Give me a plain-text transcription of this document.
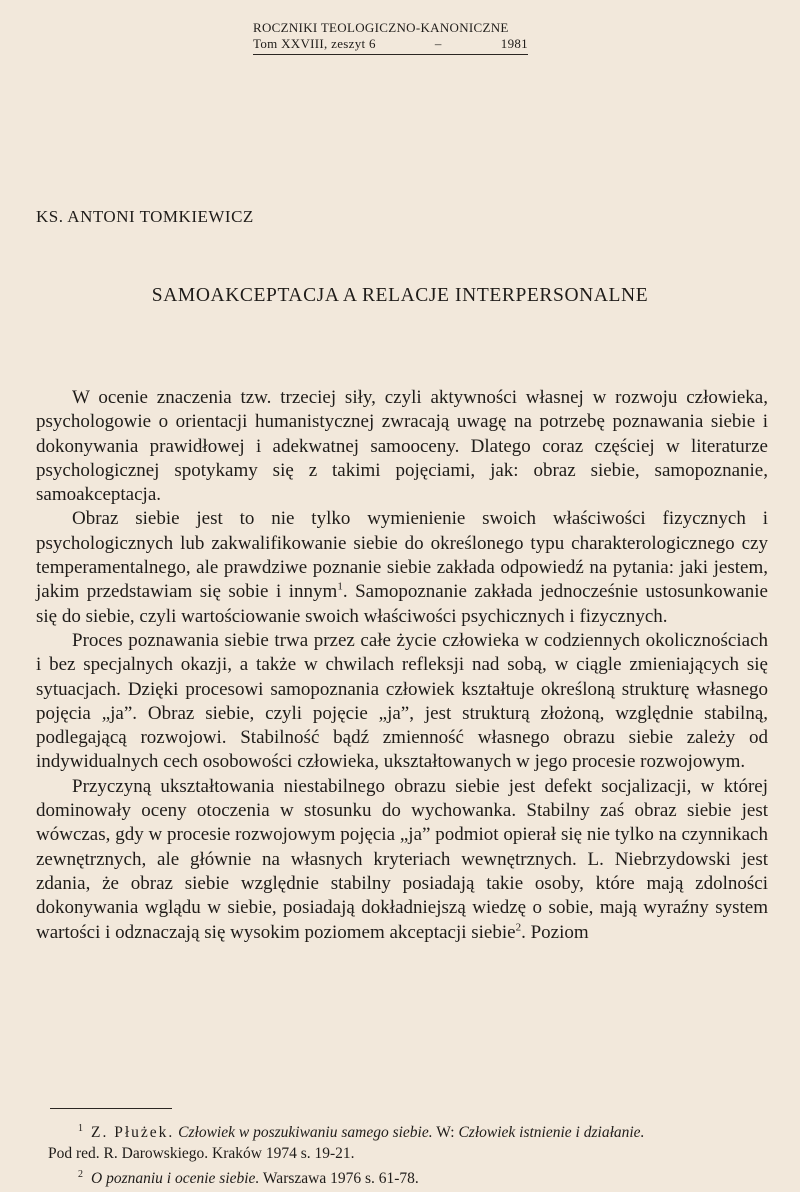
ROCZNIKI TEOLOGICZNO-KANONICZNE
Tom XXVIII, zeszyt 6	–	1981
KS. ANTONI TOMKIEWICZ
SAMOAKCEPTACJA A RELACJE INTERPERSONALNE

W ocenie znaczenia tzw. trzeciej siły, czyli aktywności własnej w rozwoju człowieka, psychologowie o orientacji humanistycznej zwracają uwagę na potrzebę poznawania siebie i dokonywania prawidłowej i adekwatnej samooceny. Dlatego coraz częściej w literaturze psychologicznej spotykamy się z takimi pojęciami, jak: obraz siebie, samopoznanie, samoakceptacja.

Obraz siebie jest to nie tylko wymienienie swoich właściwości fizycznych i psychologicznych lub zakwalifikowanie siebie do określonego typu charakterologicznego czy temperamentalnego, ale prawdziwe poznanie siebie zakłada odpowiedź na pytania: jaki jestem, jakim przedstawiam się sobie i innym$^1$. Samopoznanie zakłada jednocześnie ustosunkowanie się do siebie, czyli wartościowanie swoich właściwości psychicznych i fizycznych.

Proces poznawania siebie trwa przez całe życie człowieka w codziennych okolicznościach i bez specjalnych okazji, a także w chwilach refleksji nad sobą, w ciągle zmieniających się sytuacjach. Dzięki procesowi samopoznania człowiek kształtuje określoną strukturę własnego pojęcia „ja”. Obraz siebie, czyli pojęcie „ja”, jest strukturą złożoną, względnie stabilną, podlegającą rozwojowi. Stabilność bądź zmienność własnego obrazu siebie zależy od indywidualnych cech osobowości człowieka, ukształtowanych w jego procesie rozwojowym.

Przyczyną ukształtowania niestabilnego obrazu siebie jest defekt socjalizacji, w której dominowały oceny otoczenia w stosunku do wychowanka. Stabilny zaś obraz siebie jest wówczas, gdy w procesie rozwojowym pojęcia „ja” podmiot opierał się nie tylko na czynnikach zewnętrznych, ale głównie na własnych kryteriach wewnętrznych. L. Niebrzydowski jest zdania, że obraz siebie względnie stabilny posiadają takie osoby, które mają zdolności dokonywania wglądu w siebie, posiadają dokładniejszą wiedzę o sobie, mają wyraźny system wartości i odznaczają się wysokim poziomem akceptacji siebie$^2$. Poziom

$^1$ Z. Płużek. Człowiek w poszukiwaniu samego siebie. W: Człowiek istnienie i działanie.
Pod red. R. Darowskiego. Kraków 1974 s. 19-21.
$^2$ O poznaniu i ocenie siebie. Warszawa 1976 s. 61-78.
